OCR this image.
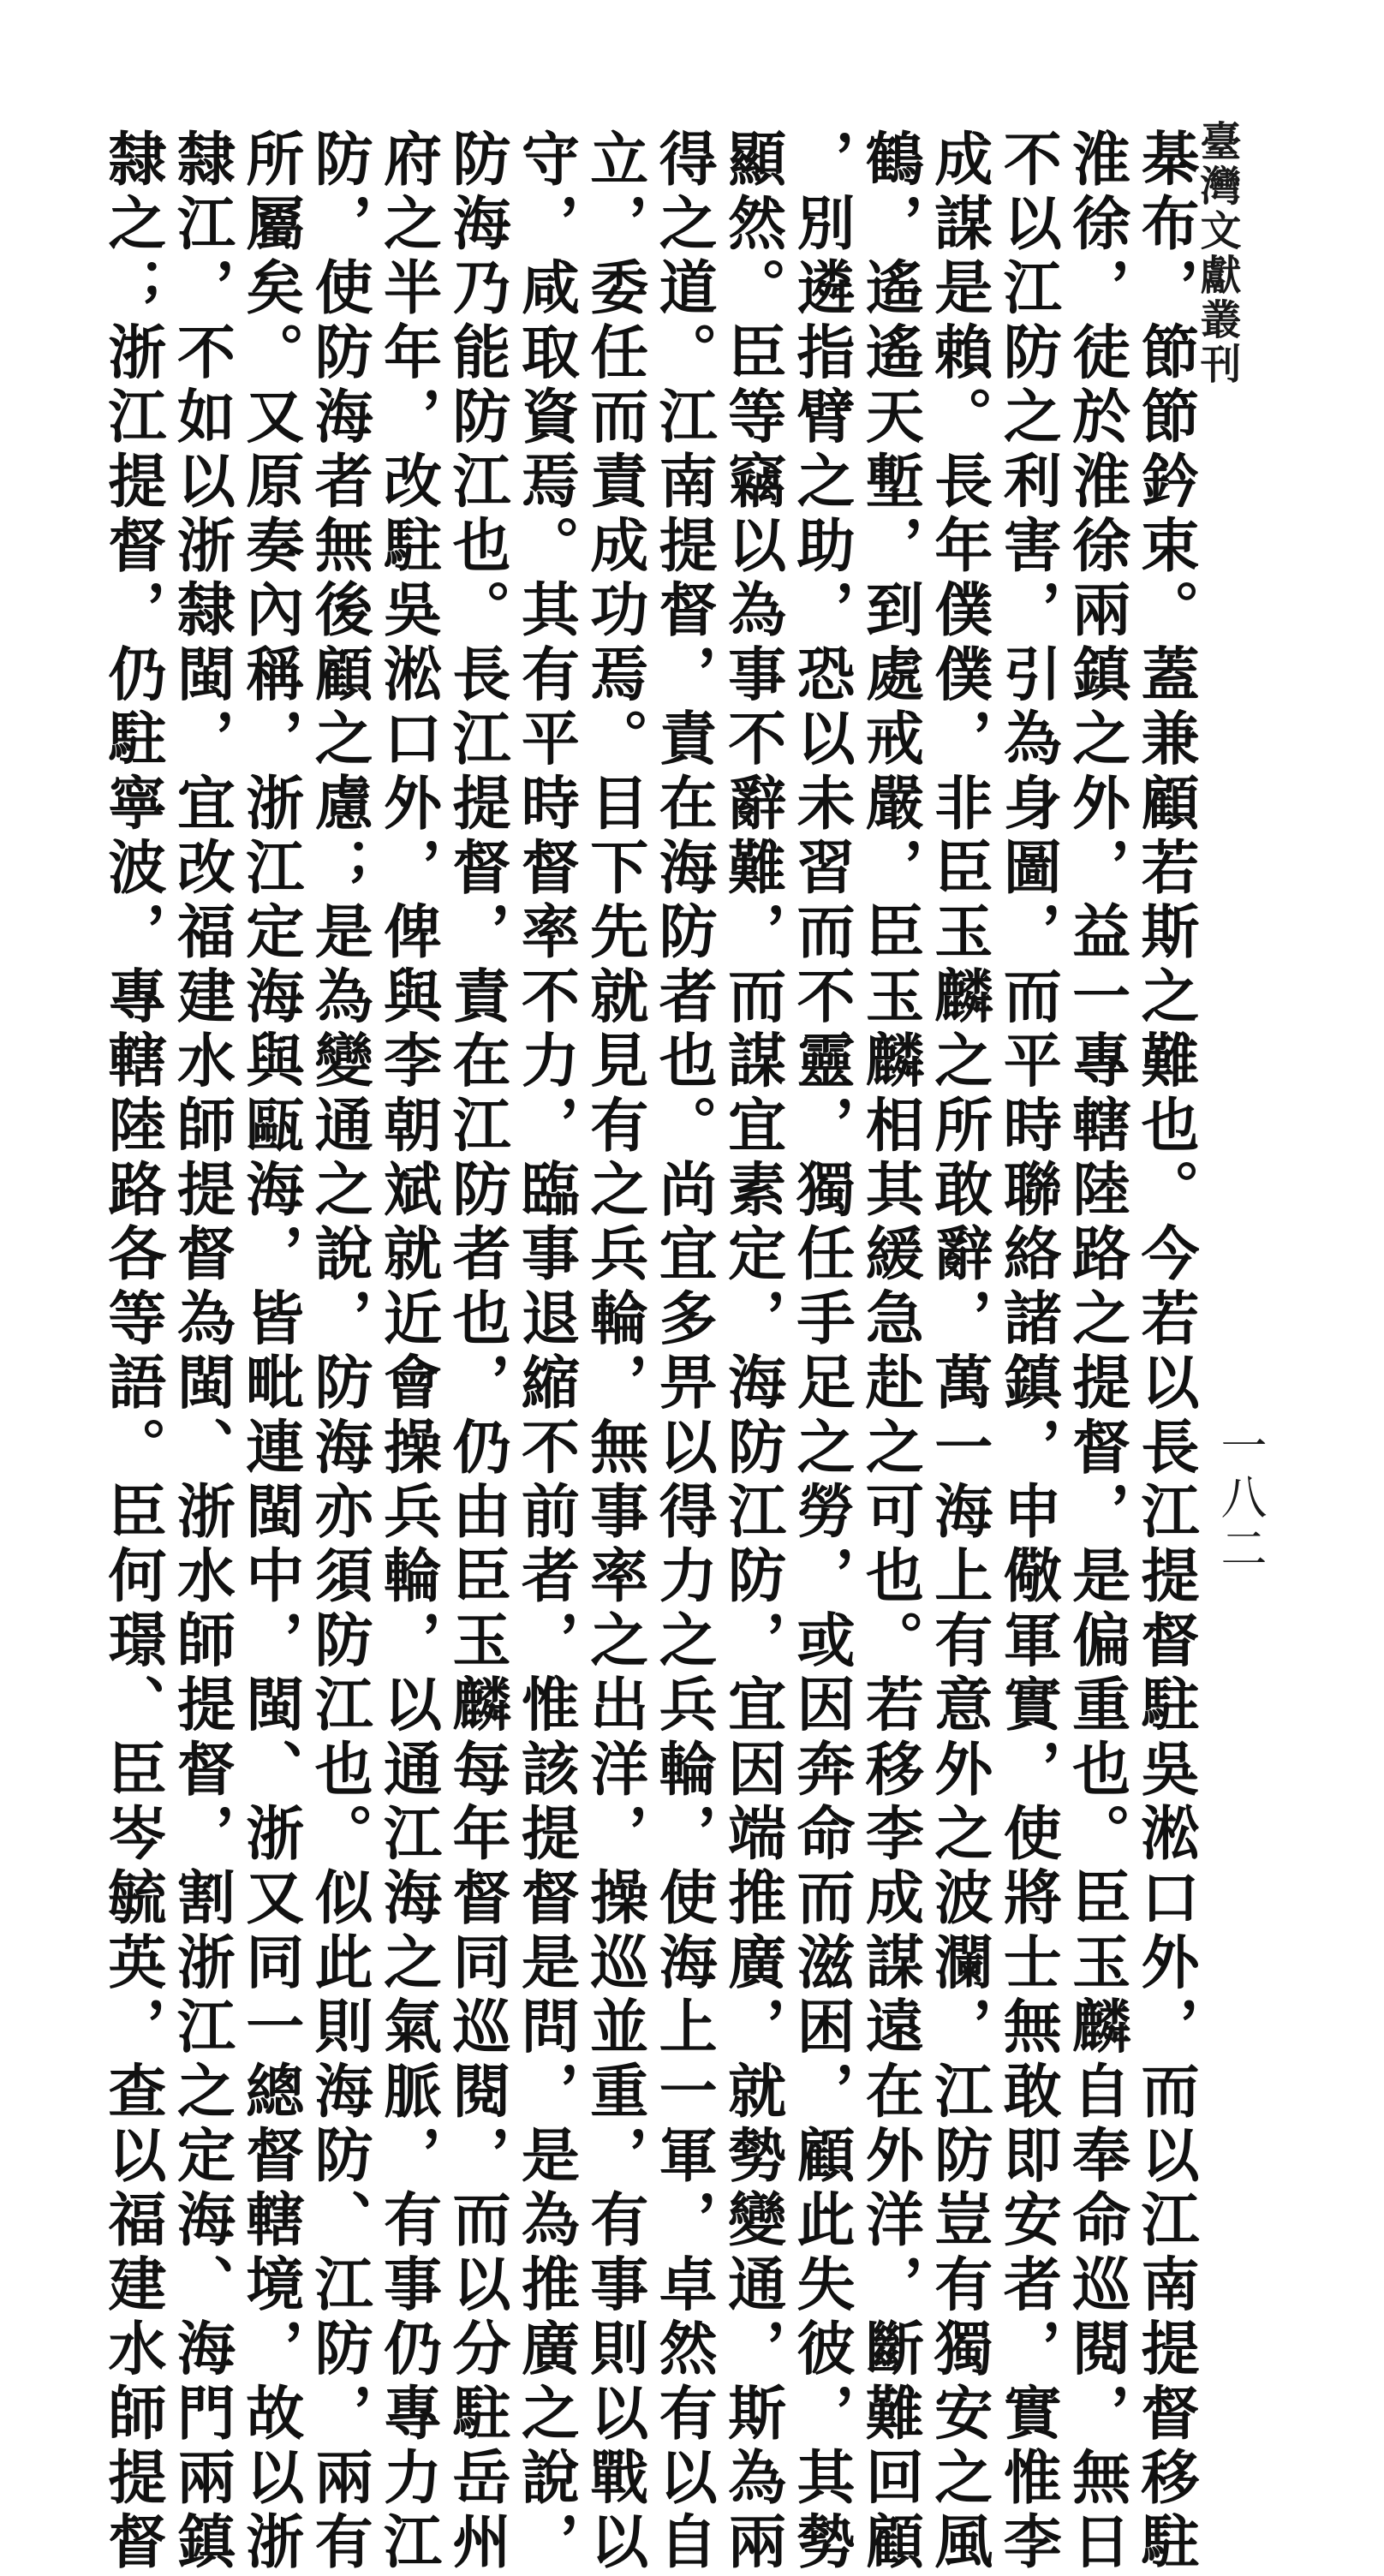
臺灣文獻叢刊
一八二
棊布，節節鈐束。蓋兼顧若斯之難也。今若以長江提督駐吳淞口外，而以江南提督移駐
淮徐，徒於淮徐兩鎮之外，益一專轄陸路之提督，是偏重也。臣玉麟自奉命巡閱，無日
不以江防之利害，引為身圖，而平時聯絡諸鎮，申儆軍實，使將士無敢即安者，實惟李
成謀是賴。長年僕僕，非臣玉麟之所敢辭，萬一海上有意外之波瀾，江防豈有獨安之風
鶴，遙遙天塹，到處戒嚴，臣玉麟相其緩急赴之可也。若移李成謀遠在外洋，斷難回顧
，別遴指臂之助，恐以未習而不靈，獨任手足之勞，或因奔命而滋困，顧此失彼，其勢
顯然。臣等竊以為事不辭難，而謀宜素定，海防江防，宜因端推廣，就勢變通，斯為兩
得之道。江南提督，責在海防者也。尚宜多畀以得力之兵輪，使海上一軍，卓然有以自
立，委任而責成功焉。目下先就見有之兵輪，無事率之出洋，操巡並重，有事則以戰以
守，咸取資焉。其有平時督率不力，臨事退縮不前者，惟該提督是問，是為推廣之說，
防海乃能防江也。長江提督，責在江防者也，仍由臣玉麟每年督同巡閱，而以分駐岳州
府之半年，改駐吳淞口外，俾與李朝斌就近會操兵輪，以通江海之氣脈，有事仍專力江
防，使防海者無後顧之慮；是為變通之說，防海亦須防江也。似此則海防、江防，兩有
所屬矣。又原奏內稱，浙江定海與甌海，皆毗連閩中，閩、浙又同一總督轄境，故以浙
隸江，不如以浙隸閩，宜改福建水師提督為閩、浙水師提督，割浙江之定海、海門兩鎮
隸之；浙江提督，仍駐寧波，專轄陸路各等語。臣何璟、臣岑毓英，查以福建水師提督
